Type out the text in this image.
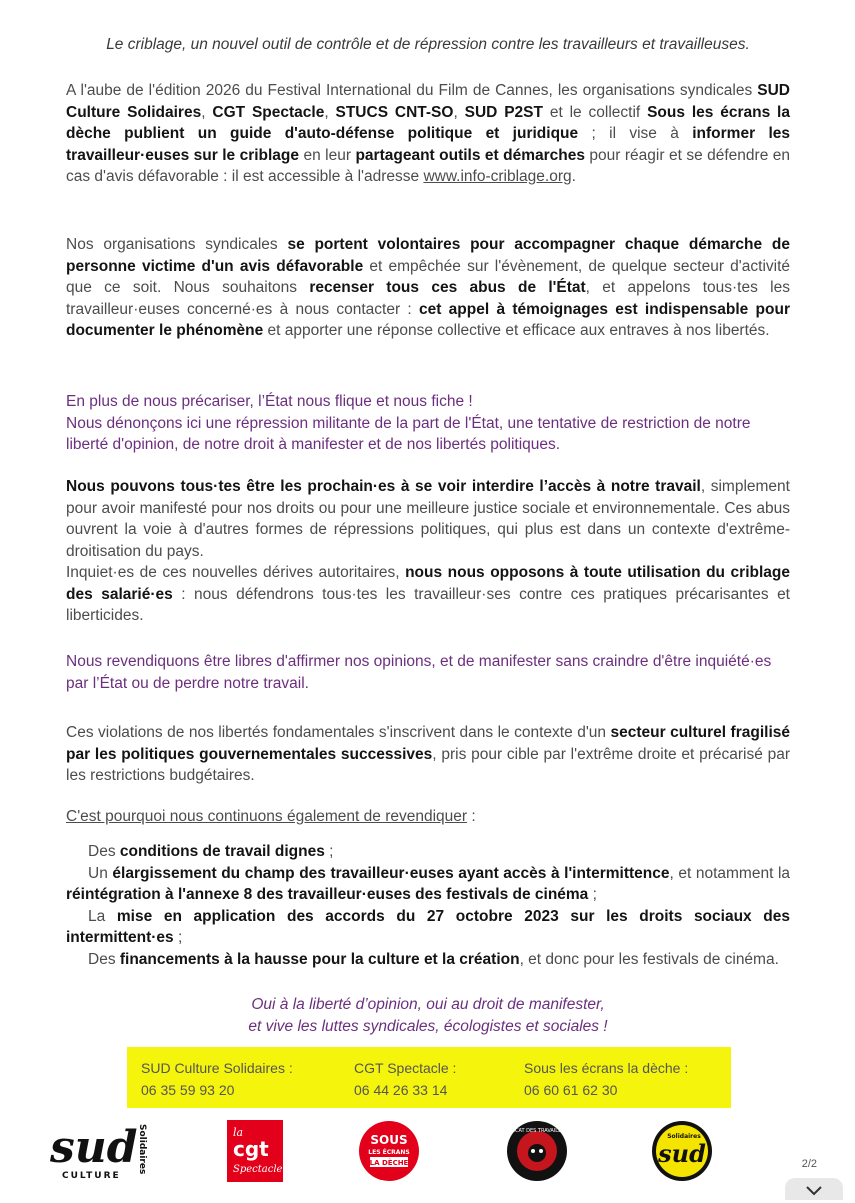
Le criblage, un nouvel outil de contrôle et de répression contre les travailleurs et travailleuses.
A l'aube de l'édition 2026 du Festival International du Film de Cannes, les organisations syndicales SUD Culture Solidaires, CGT Spectacle, STUCS CNT-SO, SUD P2ST et le collectif Sous les écrans la dèche publient un guide d'auto-défense politique et juridique ; il vise à informer les travailleur·euses sur le criblage en leur partageant outils et démarches pour réagir et se défendre en cas d'avis défavorable : il est accessible à l'adresse www.info-criblage.org.
Nos organisations syndicales se portent volontaires pour accompagner chaque démarche de personne victime d'un avis défavorable et empêchée sur l'évènement, de quelque secteur d'activité que ce soit. Nous souhaitons recenser tous ces abus de l'État, et appelons tous·tes les travailleur·euses concerné·es à nous contacter : cet appel à témoignages est indispensable pour documenter le phénomène et apporter une réponse collective et efficace aux entraves à nos libertés.
En plus de nous précariser, l’État nous flique et nous fiche !
Nous dénonçons ici une répression militante de la part de l'État, une tentative de restriction de notre liberté d'opinion, de notre droit à manifester et de nos libertés politiques.
Nous pouvons tous·tes être les prochain·es à se voir interdire l’accès à notre travail, simplement pour avoir manifesté pour nos droits ou pour une meilleure justice sociale et environnementale. Ces abus ouvrent la voie à d'autres formes de répressions politiques, qui plus est dans un contexte d'extrême-droitisation du pays.
Inquiet·es de ces nouvelles dérives autoritaires, nous nous opposons à toute utilisation du criblage des salarié·es : nous défendrons tous·tes les travailleur·ses contre ces pratiques précarisantes et liberticides.
Nous revendiquons être libres d'affirmer nos opinions, et de manifester sans craindre d'être inquiété·es par l’État ou de perdre notre travail.
Ces violations de nos libertés fondamentales s'inscrivent dans le contexte d'un secteur culturel fragilisé par les politiques gouvernementales successives, pris pour cible par l'extrême droite et précarisé par les restrictions budgétaires.
C'est pourquoi nous continuons également de revendiquer :
Des conditions de travail dignes ;
Un élargissement du champ des travailleur·euses ayant accès à l'intermittence, et notamment la réintégration à l'annexe 8 des travailleur·euses des festivals de cinéma ;
La mise en application des accords du 27 octobre 2023 sur les droits sociaux des intermittent·es ;
Des financements à la hausse pour la culture et la création, et donc pour les festivals de cinéma.
Oui à la liberté d’opinion, oui au droit de manifester,
et vive les luttes syndicales, écologistes et sociales !
SUD Culture Solidaires :
06 35 59 93 20
CGT Spectacle :
06 44 26 33 14
Sous les écrans la dèche :
06 60 61 62 30
sud
CULTURE
Solidaires	la
cgt
Spectacle
SOUS
LES ÉCRANS
LA DÈCHE
SYNDICAT DES TRAVAILLEURS
Solidaires
sud	2/2
